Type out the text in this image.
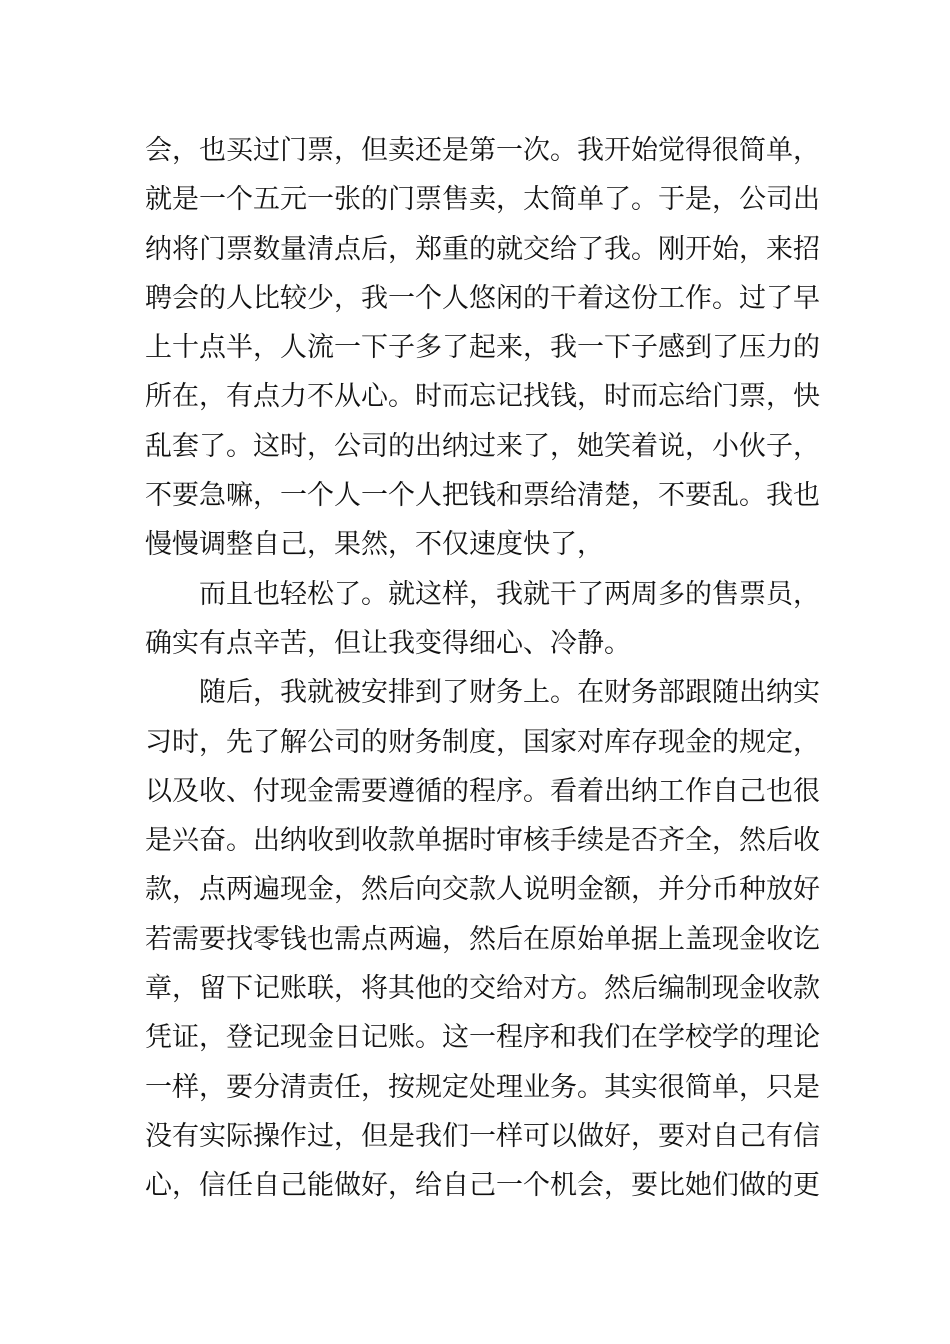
会，也买过门票，但卖还是第一次。我开始觉得很简单，
就是一个五元一张的门票售卖，太简单了。于是，公司出
纳将门票数量清点后，郑重的就交给了我。刚开始，来招
聘会的人比较少，我一个人悠闲的干着这份工作。过了早
上十点半，人流一下子多了起来，我一下子感到了压力的
所在，有点力不从心。时而忘记找钱，时而忘给门票，快
乱套了。这时，公司的出纳过来了，她笑着说，小伙子，
不要急嘛，一个人一个人把钱和票给清楚，不要乱。我也
慢慢调整自己，果然，不仅速度快了，
而且也轻松了。就这样，我就干了两周多的售票员，
确实有点辛苦，但让我变得细心、冷静。
随后，我就被安排到了财务上。在财务部跟随出纳实
习时，先了解公司的财务制度，国家对库存现金的规定，
以及收、付现金需要遵循的程序。看着出纳工作自己也很
是兴奋。出纳收到收款单据时审核手续是否齐全，然后收
款，点两遍现金，然后向交款人说明金额，并分币种放好
若需要找零钱也需点两遍，然后在原始单据上盖现金收讫
章，留下记账联，将其他的交给对方。然后编制现金收款
凭证，登记现金日记账。这一程序和我们在学校学的理论
一样，要分清责任，按规定处理业务。其实很简单，只是
没有实际操作过，但是我们一样可以做好，要对自己有信
心，信任自己能做好，给自己一个机会，要比她们做的更
